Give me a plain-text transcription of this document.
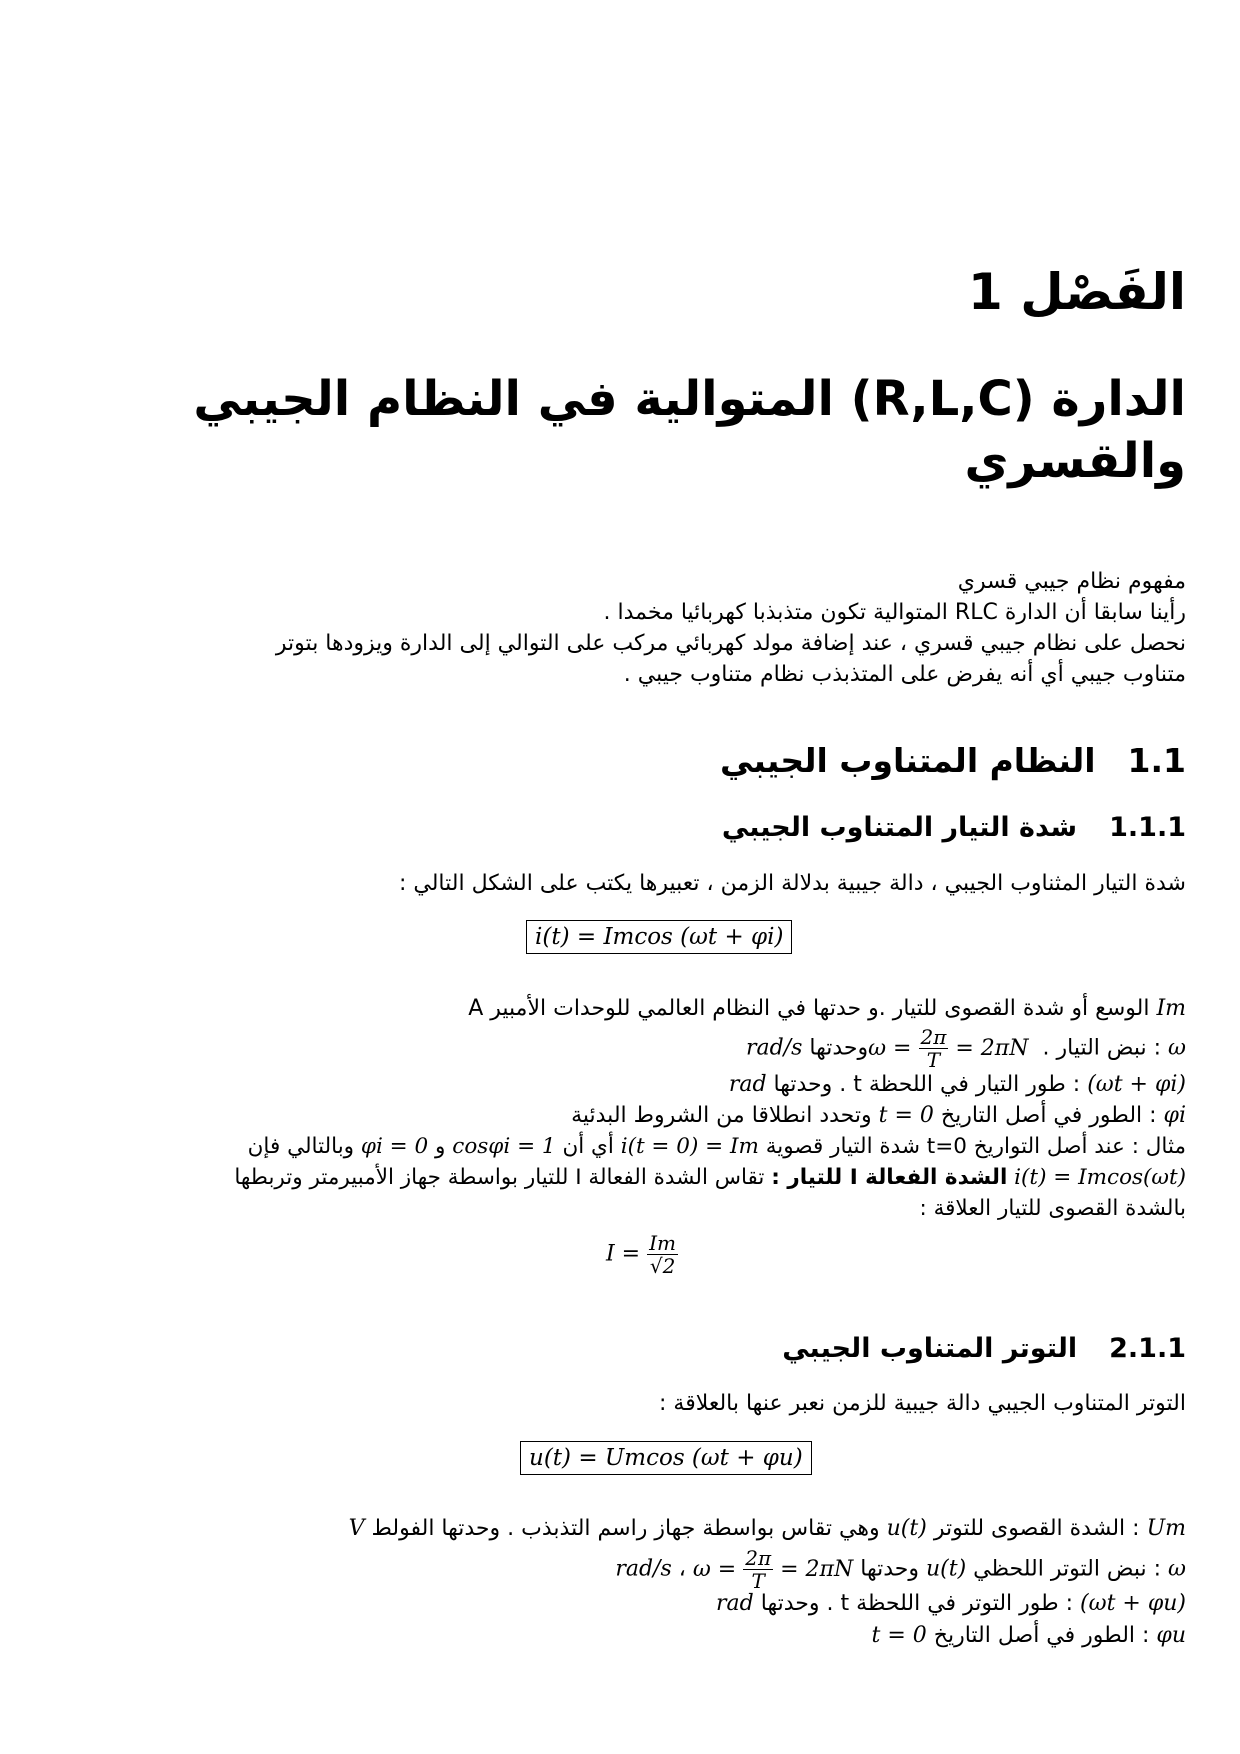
الفَصْل 1
الدارة (R,L,C) المتوالية في النظام الجيبي
والقسري
مفهوم نظام جيبي قسري
رأينا سابقا أن الدارة RLC المتوالية تكون متذبذبا كهربائيا مخمدا .
نحصل على نظام جيبي قسري ، عند إضافة مولد كهربائي مركب على التوالي إلى الدارة ويزودها بتوتر
متناوب جيبي أي أنه يفرض على المتذبذب نظام متناوب جيبي .
1.1النظام المتناوب الجيبي
1.1.1شدة التيار المتناوب الجيبي
شدة التيار المثناوب الجيبي ، دالة جيبية بدلالة الزمن ، تعبيرها يكتب على الشكل التالي :
i(t) = Imcos (ωt + φi)
Im الوسع أو شدة القصوى للتيار .و حدتها في النظام العالمي للوحدات الأمبير A
ω : نبض التيار . $\omega = \frac{2\pi}{T} = 2\pi N$ وحدتها rad/s
(ωt + φi) : طور التيار في اللحظة t . وحدتها rad
φi : الطور في أصل التاريخ t = 0 وتحدد انطلاقا من الشروط البدئية
مثال : عند أصل التواريخ t=0 شدة التيار قصوية i(t = 0) = Im أي أن cosφi = 1 و φi = 0 وبالتالي فإن
i(t) = Imcos(ωt) الشدة الفعالة I للتيار : تقاس الشدة الفعالة I للتيار بواسطة جهاز الأمبيرمتر وتربطها
بالشدة القصوى للتيار العلاقة :
$I = \frac{Im}{√2}$
2.1.1التوتر المتناوب الجيبي
التوتر المتناوب الجيبي دالة جيبية للزمن نعبر عنها بالعلاقة :
u(t) = Umcos (ωt + φu)
Um : الشدة القصوى للتوتر u(t) وهي تقاس بواسطة جهاز راسم التذبذب . وحدتها الفولط V
ω : نبض التوتر اللحظي u(t) وحدتها rad/s ، $\omega = \frac{2\pi}{T} = 2\pi N$
(ωt + φu) : طور التوتر في اللحظة t . وحدتها rad
φu : الطور في أصل التاريخ t = 0
